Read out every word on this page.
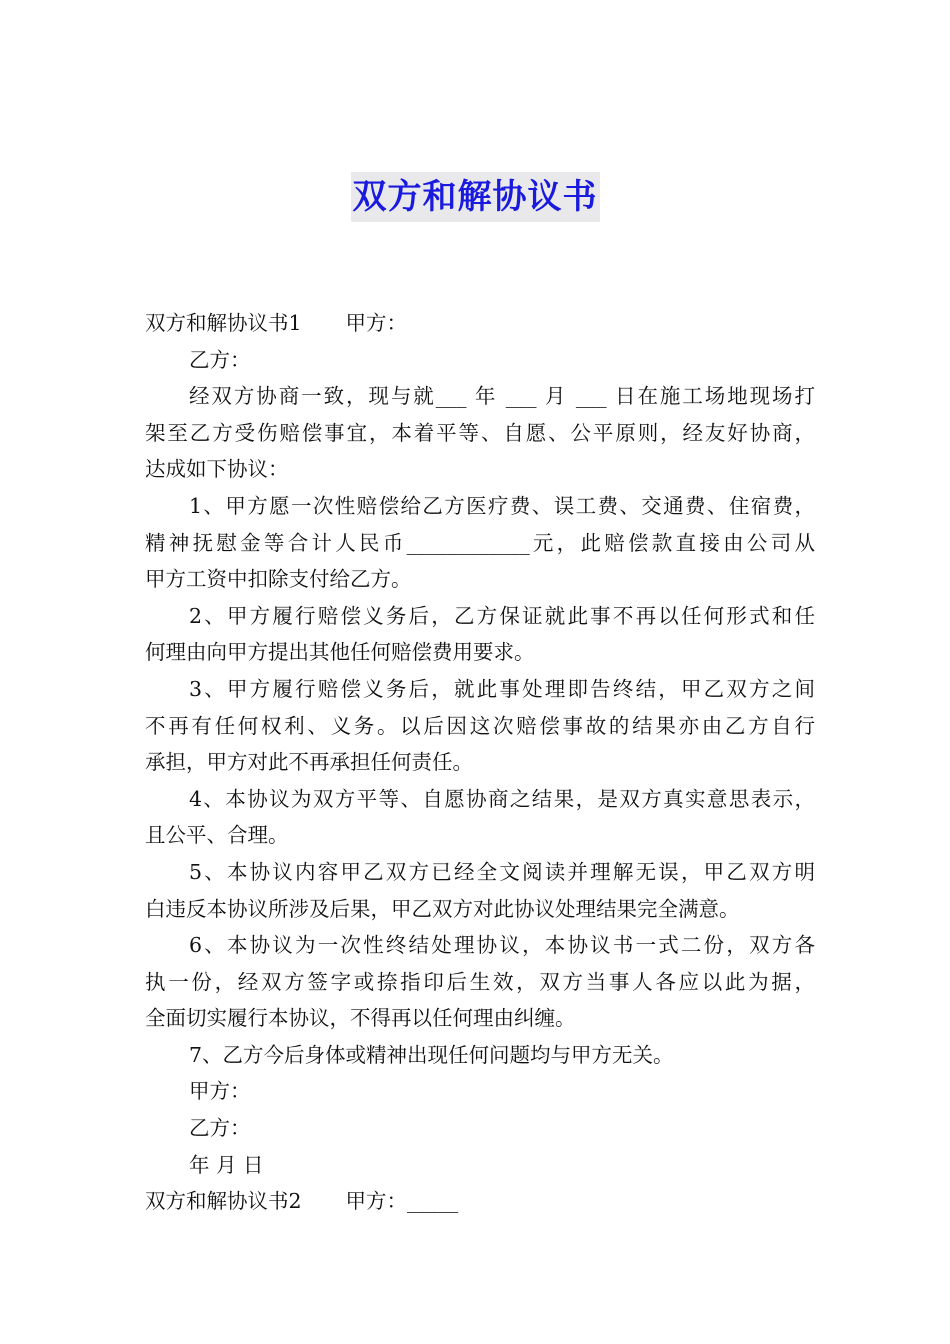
双方和解协议书
双方和解协议书1 甲方：
乙方：
经双方协商一致，现与就___ 年 ___ 月 ___ 日在施工场地现场打
架至乙方受伤赔偿事宜，本着平等、自愿、公平原则，经友好协商，
达成如下协议：
1、甲方愿一次性赔偿给乙方医疗费、误工费、交通费、住宿费，
精神抚慰金等合计人民币____________元，此赔偿款直接由公司从
甲方工资中扣除支付给乙方。
2、甲方履行赔偿义务后，乙方保证就此事不再以任何形式和任
何理由向甲方提出其他任何赔偿费用要求。
3、甲方履行赔偿义务后，就此事处理即告终结，甲乙双方之间
不再有任何权利、义务。以后因这次赔偿事故的结果亦由乙方自行
承担，甲方对此不再承担任何责任。
4、本协议为双方平等、自愿协商之结果，是双方真实意思表示，
且公平、合理。
5、本协议内容甲乙双方已经全文阅读并理解无误，甲乙双方明
白违反本协议所涉及后果，甲乙双方对此协议处理结果完全满意。
6、本协议为一次性终结处理协议，本协议书一式二份，双方各
执一份，经双方签字或捺指印后生效，双方当事人各应以此为据，
全面切实履行本协议，不得再以任何理由纠缠。
7、乙方今后身体或精神出现任何问题均与甲方无关。
甲方：
乙方：
年 月 日
双方和解协议书2 甲方：_____
